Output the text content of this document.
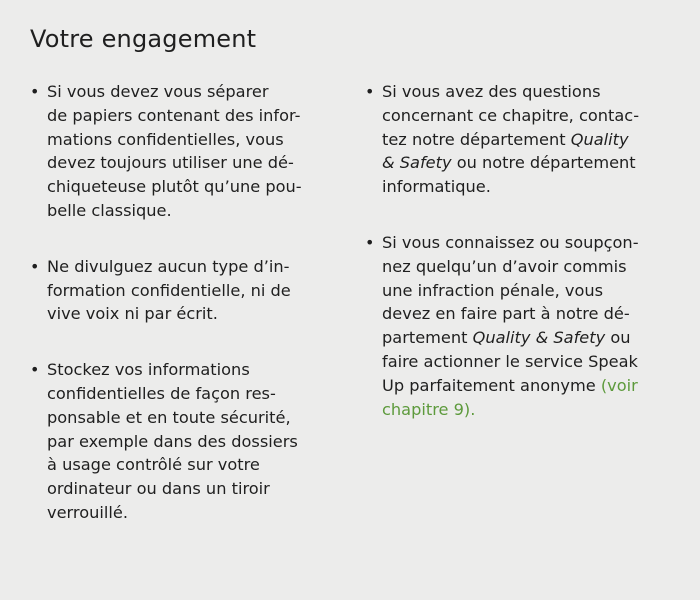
Votre engagement
• Si vous devez vous séparer
de papiers contenant des infor-
mations confidentielles, vous
devez toujours utiliser une dé-
chiqueteuse plutôt qu’une pou-
belle classique.
• Ne divulguez aucun type d’in-
formation confidentielle, ni de
vive voix ni par écrit.
• Stockez vos informations
confidentielles de façon res-
ponsable et en toute sécurité,
par exemple dans des dossiers
à usage contrôlé sur votre
ordinateur ou dans un tiroir
verrouillé.
• Si vous avez des questions
concernant ce chapitre, contac-
tez notre département Quality
& Safety ou notre département
informatique.
• Si vous connaissez ou soupçon-
nez quelqu’un d’avoir commis
une infraction pénale, vous
devez en faire part à notre dé-
partement Quality & Safety ou
faire actionner le service Speak
Up parfaitement anonyme (voir
chapitre 9).
